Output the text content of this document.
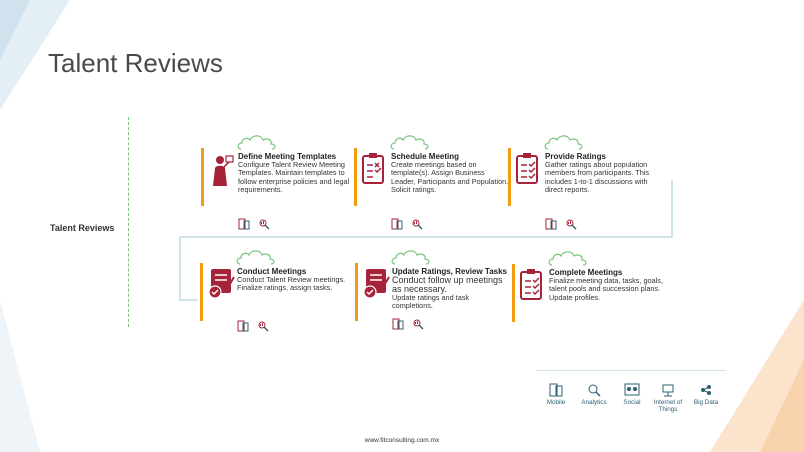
Talent Reviews
Talent Reviews
Define Meeting Templates
Configure Talent Review Meeting Templates. Maintain templates to follow enterprise policies and legal requirements.
Schedule Meeting
Create meetings based on template(s). Assign Business Leader, Participants and Population. Solicit ratings.
Provide Ratings
Gather ratings about population members from participants. This includes 1-to-1 discussions with direct reports.
Conduct Meetings
Conduct Talent Review meetings. Finalize ratings, assign tasks.
Update Ratings, Review Tasks
Conduct follow up meetings as necessary.
Update ratings and task completions.
Complete Meetings
Finalize meeting data, tasks, goals, talent pools and succession plans. Update profiles.
Mobile	Analytics	Social	Internet of Things
Big Data
www.fitconsulting.com.mx
